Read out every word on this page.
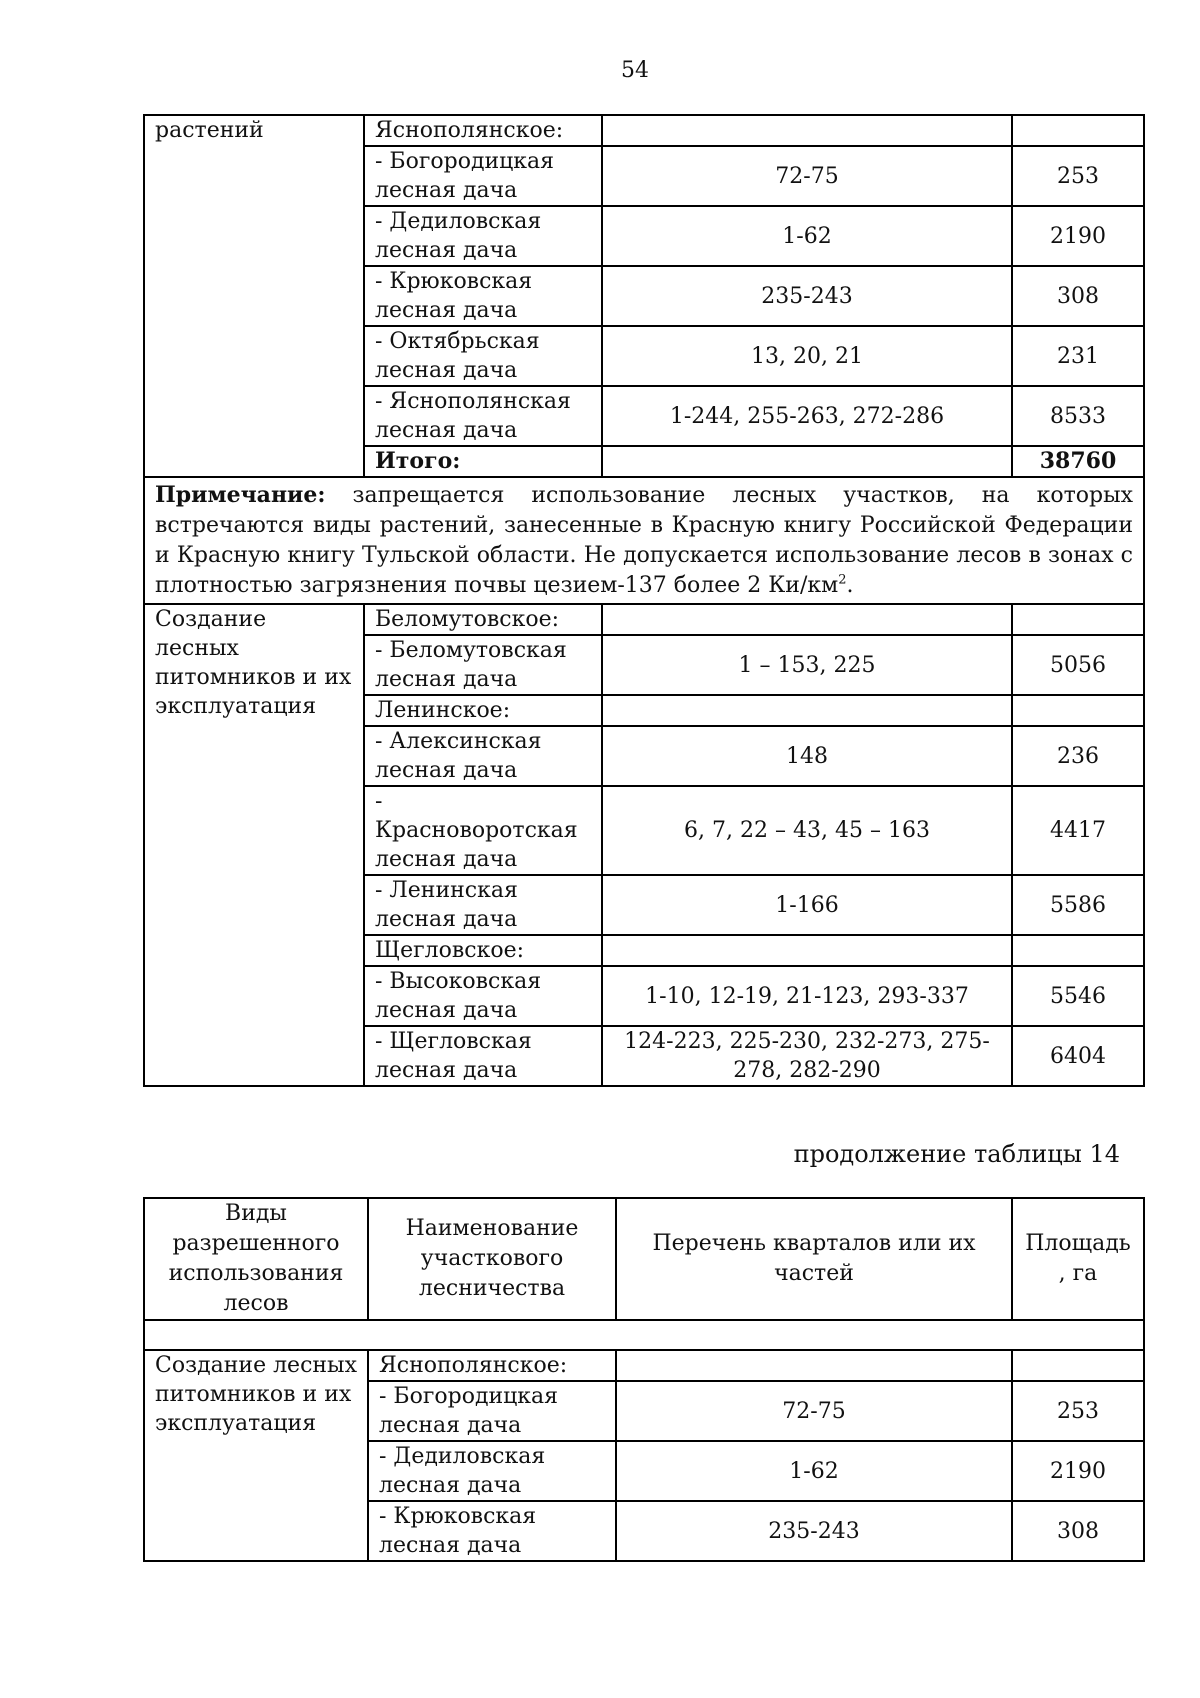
54
растений	Яснополянское:		
	- Богородицкая лесная дача	72-75	253
	- Дедиловская лесная дача	1-62	2190
	- Крюковская лесная дача	235-243	308
	- Октябрьская лесная дача	13, 20, 21	231
	- Яснополянская лесная дача	1-244, 255-263, 272-286	8533
	Итого:		38760
Примечание: запрещается использование лесных участков, на которых встречаются виды растений, занесенные в Красную книгу Российской Федерации и Красную книгу Тульской области. Не допускается использование лесов в зонах с плотностью загрязнения почвы цезием-137 более 2 $Ки/км^2$.			
Создание лесных питомников и их эксплуатация	Беломутовское:		
	- Беломутовская лесная дача	1 – 153, 225	5056
	Ленинское:		
	- Алексинская лесная дача	148	236
	- Красноворотская лесная дача	6, 7, 22 – 43, 45 – 163	4417
	- Ленинская лесная дача	1-166	5586
	Щегловское:		
	- Высоковская лесная дача	1-10, 12-19, 21-123, 293-337	5546
	- Щегловская лесная дача	124-223, 225-230, 232-273, 275-278, 282-290	6404
продолжение таблицы 14
Виды разрешенного использования лесов	Наименование участкового лесничества	Перечень кварталов или их частей	Площадь , га

Создание лесных питомников и их эксплуатация	Яснополянское:		
	- Богородицкая лесная дача	72-75	253
	- Дедиловская лесная дача	1-62	2190
	- Крюковская лесная дача	235-243	308
